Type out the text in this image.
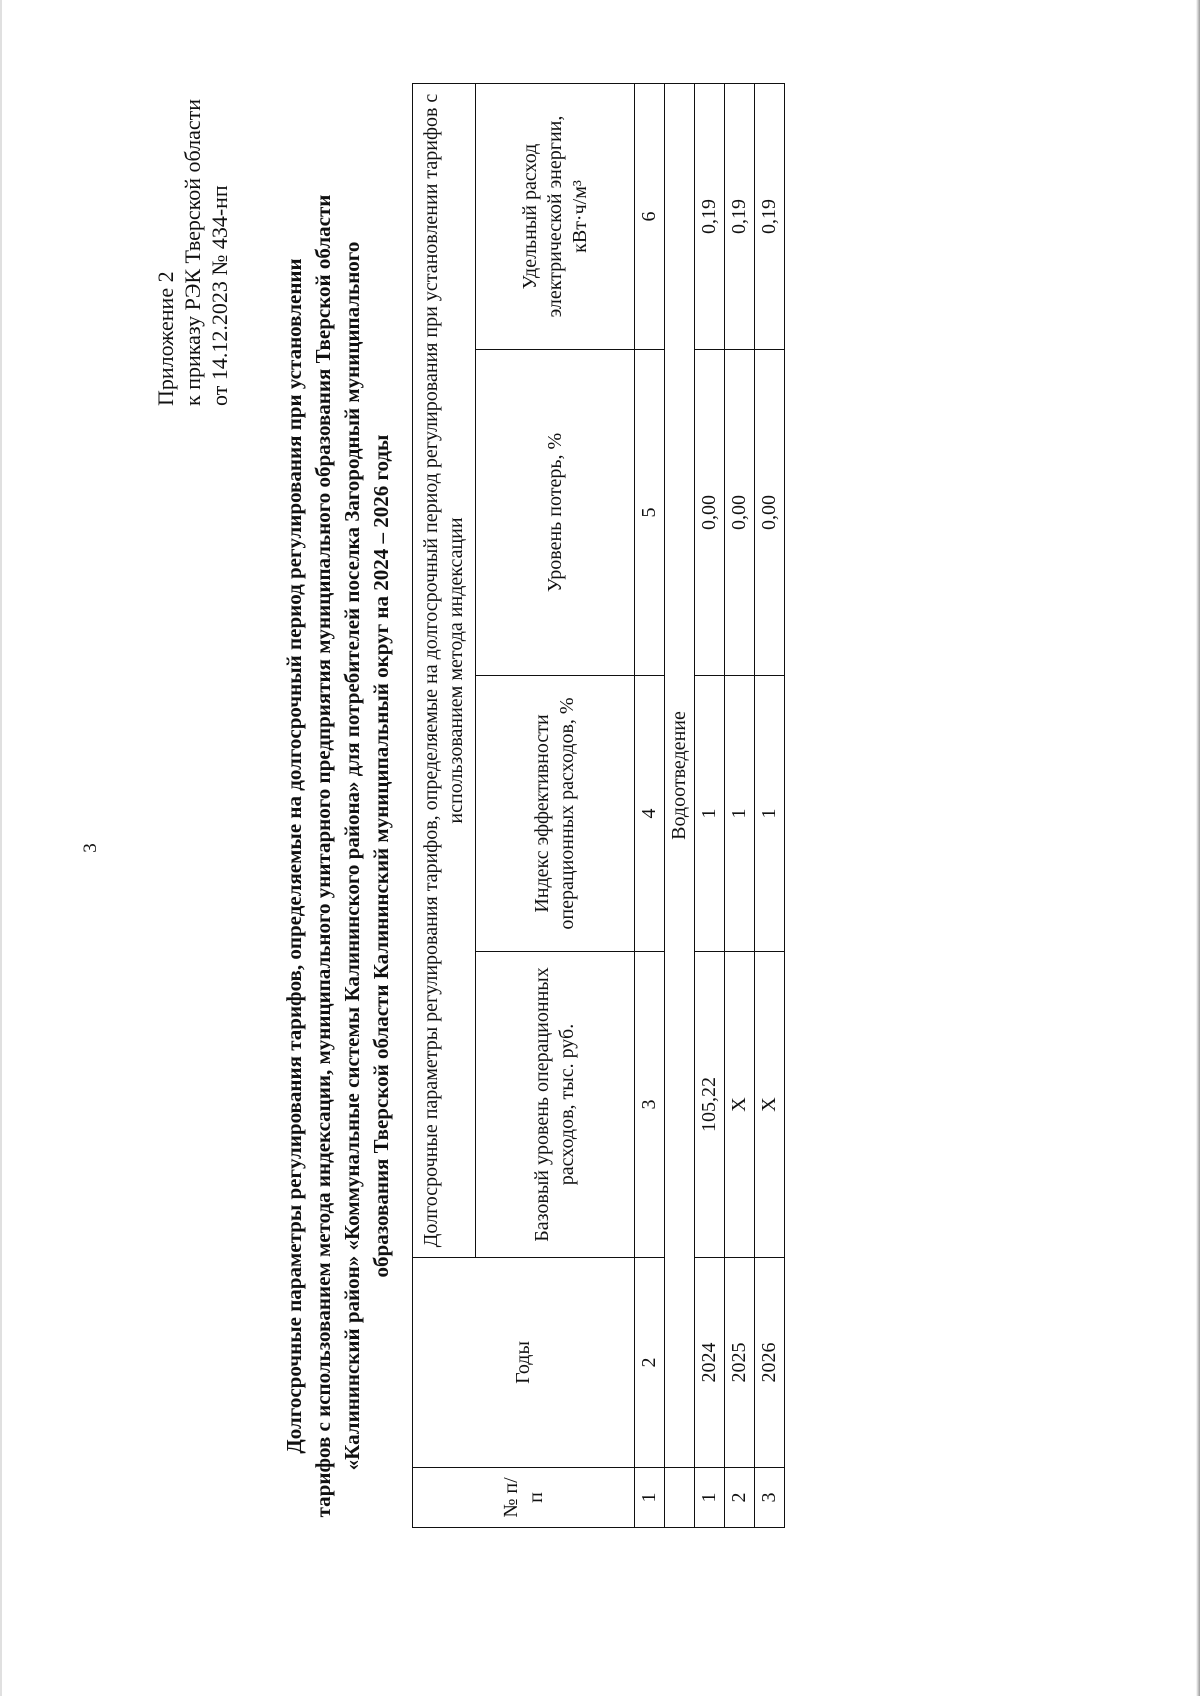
3
Приложение 2 к приказу РЭК Тверской области от 14.12.2023 № 434-нп Долгосрочные параметры регулирования тарифов, определяемые на долгосрочный период регулирования при установлении тарифов с использованием метода индексации, муниципального унитарного предприятия муниципального образования Тверской области «Калининский район» «Коммунальные системы Калининского района» для потребителей поселка Загородный муниципального образования Тверской области Калининский муниципальный округ на 2024 – 2026 годы
№ п/п	Годы	Долгосрочные параметры регулирования тарифов, определяемые на долгосрочный период регулирования при установлении тарифов с использованием метода индексации			
		Базовый уровень операционных расходов, тыс. руб.	Индекс эффективности операционных расходов, %	Уровень потерь, %	Удельный расход электрической энергии, кВт·ч/м³
1	2	3	4	5	6
	Водоотведение				
1	2024	105,22	1	0,00	0,19
2	2025	Х	1	0,00	0,19
3	2026	Х	1	0,00	0,19
